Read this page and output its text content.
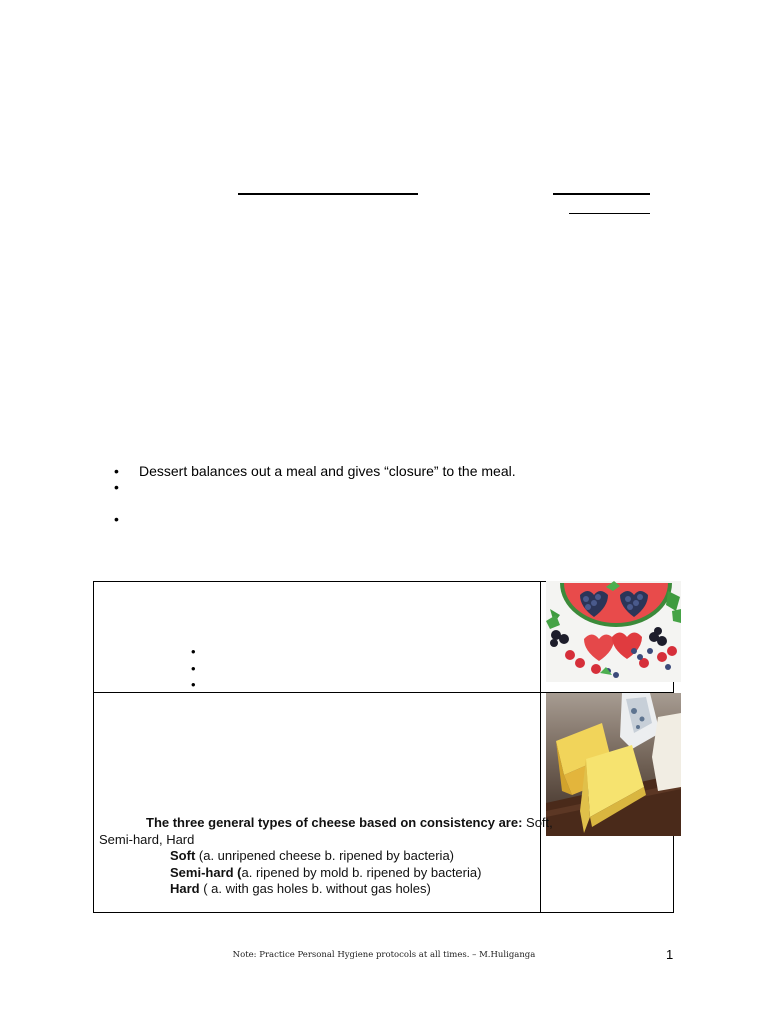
• Dessert balances out a meal and gives “closure” to the meal.
•
•
•
•
•
The three general types of cheese based on consistency are: Soft,
Semi-hard, Hard
Soft (a. unripened cheese b. ripened by bacteria)
Semi-hard (a. ripened by mold b. ripened by bacteria)
Hard ( a. with gas holes b. without gas holes)
Note: Practice Personal Hygiene protocols at all times. – M.Huliganga	1
